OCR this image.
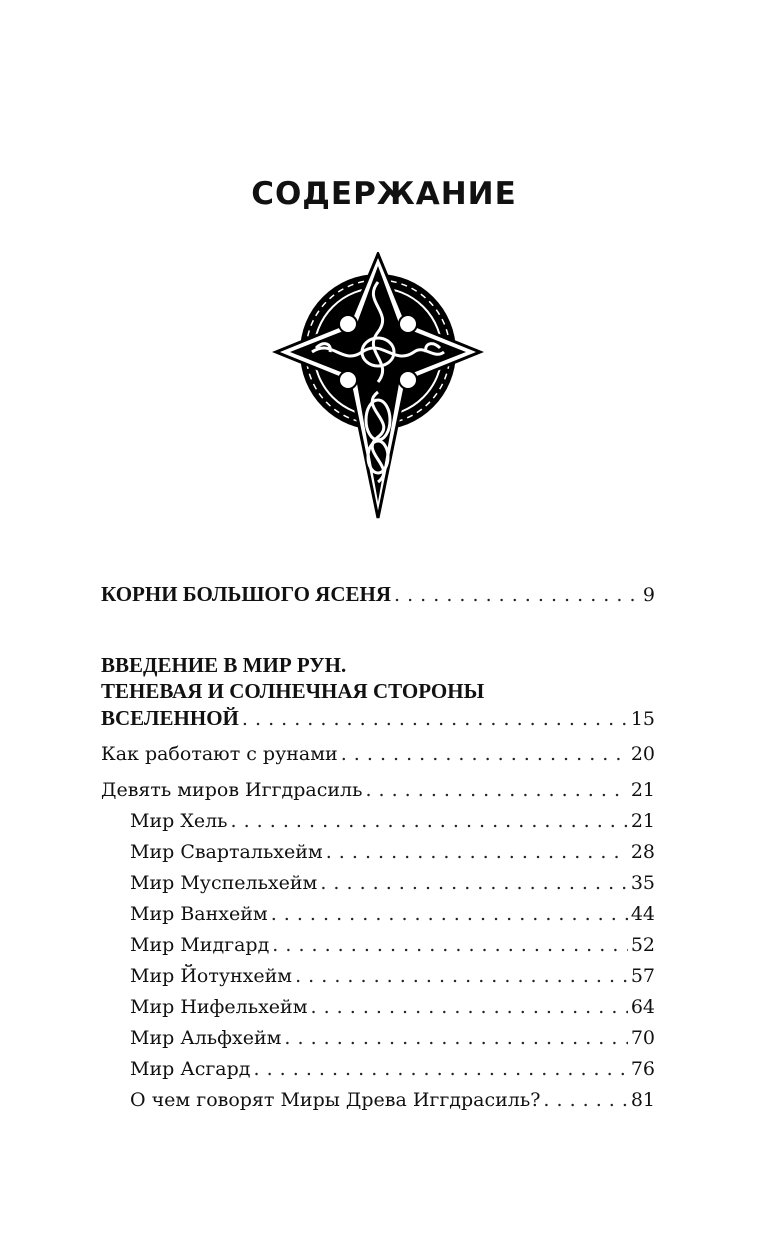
СОДЕРЖАНИЕ
КОРНИ БОЛЬШОГО ЯСЕНЯ . . .	9
ВВЕДЕНИЕ В МИР РУН.
ТЕНЕВАЯ И СОЛНЕЧНАЯ СТОРОНЫ
ВСЕЛЕННОЙ . . .	15
Как работают с рунами . . .	20
Девять миров Иггдрасиль . . .	21
Мир Хель . . .	21
Мир Свартальхейм . . .	28
Мир Муспельхейм . . .	35
Мир Ванхейм . . .	44
Мир Мидгард . . .	52
Мир Йотунхейм . . .	57
Мир Нифельхейм . . .	64
Мир Альфхейм . . .	70
Мир Асгард . . .	76
О чем говорят Миры Древа Иггдрасиль? . . .	81
